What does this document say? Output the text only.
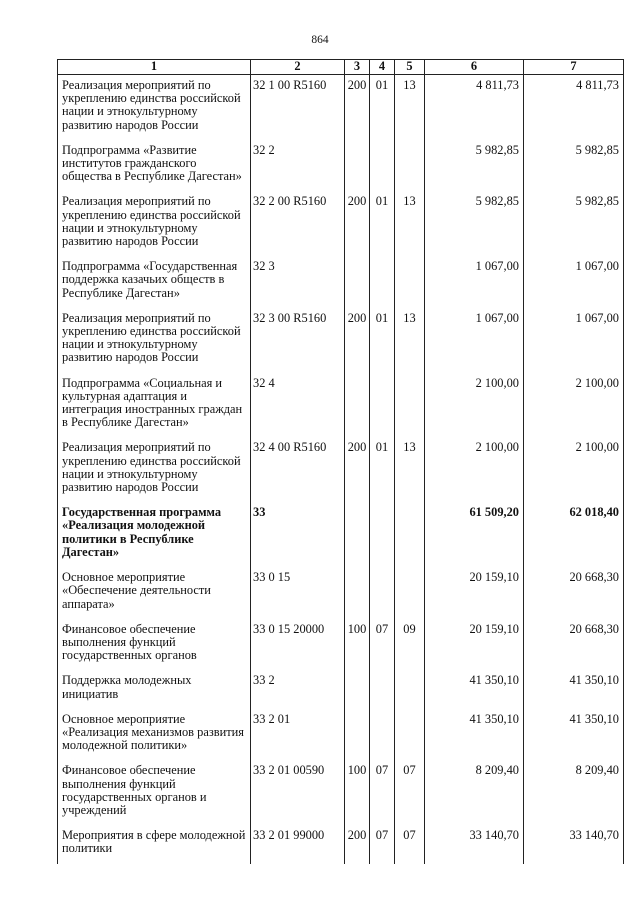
864
1	2	3	4	5	6	7
Реализация мероприятий по укреплению единства российской нации и этнокультурному развитию народов России	32 1 00 R5160	200	01	13	4 811,73	4 811,73
Подпрограмма «Развитие институтов гражданского общества в Республике Дагестан»	32 2				5 982,85	5 982,85
Реализация мероприятий по укреплению единства российской нации и этнокультурному развитию народов России	32 2 00 R5160	200	01	13	5 982,85	5 982,85
Подпрограмма «Государственная поддержка казачьих обществ в Республике Дагестан»	32 3				1 067,00	1 067,00
Реализация мероприятий по укреплению единства российской нации и этнокультурному развитию народов России	32 3 00 R5160	200	01	13	1 067,00	1 067,00
Подпрограмма «Социальная и культурная адаптация и интеграция иностранных граждан в Республике Дагестан»	32 4				2 100,00	2 100,00
Реализация мероприятий по укреплению единства российской нации и этнокультурному развитию народов России	32 4 00 R5160	200	01	13	2 100,00	2 100,00
Государственная программа «Реализация молодежной политики в Республике Дагестан»	33				61 509,20	62 018,40
Основное мероприятие «Обеспечение деятельности аппарата»	33 0 15				20 159,10	20 668,30
Финансовое обеспечение выполнения функций государственных органов	33 0 15 20000	100	07	09	20 159,10	20 668,30
Поддержка молодежных инициатив	33 2				41 350,10	41 350,10
Основное мероприятие «Реализация механизмов развития молодежной политики»	33 2 01				41 350,10	41 350,10
Финансовое обеспечение выполнения функций государственных органов и учреждений	33 2 01 00590	100	07	07	8 209,40	8 209,40
Мероприятия в сфере молодежной политики	33 2 01 99000	200	07	07	33 140,70	33 140,70
